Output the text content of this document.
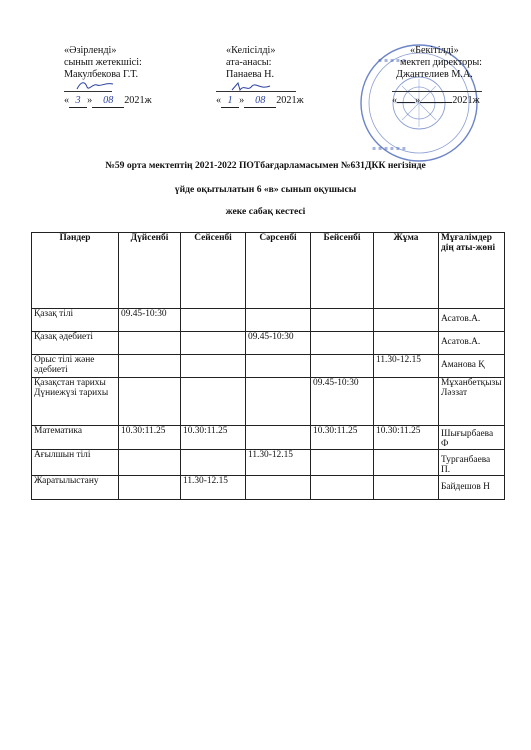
«Әзірленді»
сынып жетекшісі:
Макулбекова Г.Т.
« 3 » 08 2021ж
«Келісілді»
ата-анасы:
Панаева Н.
« 1 » 08 2021ж
▪ ▪ ▪ ▪ ▪
▪ ▪ ▪ ▪ ▪ ▪
«Бекітілді»
мектеп директоры:
Джантелиев М.А.
« »	2021ж
№59 орта мектептің 2021-2022 ПОТбағдарламасымен №631ДКК негізінде
үйде оқытылатын 6 «в» сынып оқушысы
жеке сабақ кестесі
Пәндер	Дүйсенбі	Сейсенбі	Сәрсенбі	Бейсенбі	Жұма	Мұғалімдер дің аты-жөні
Қазақ тілі	09.45-10:30					Асатов.А.
Қазақ әдебиеті			09.45-10:30			Асатов.А.
Орыс тілі және әдебиеті					11.30-12.15	Аманова Қ
Қазақстан тарихы Дүниежүзі тарихы				09.45-10:30		Мұханбетқызы Ләззат
Математика	10.30:11.25	10.30:11.25		10.30:11.25	10.30:11.25	Шығырбаева Ф
Ағылшын тілі			11.30-12.15			Турганбаева П.
Жаратылыстану		11.30-12.15				Байдешов Н
